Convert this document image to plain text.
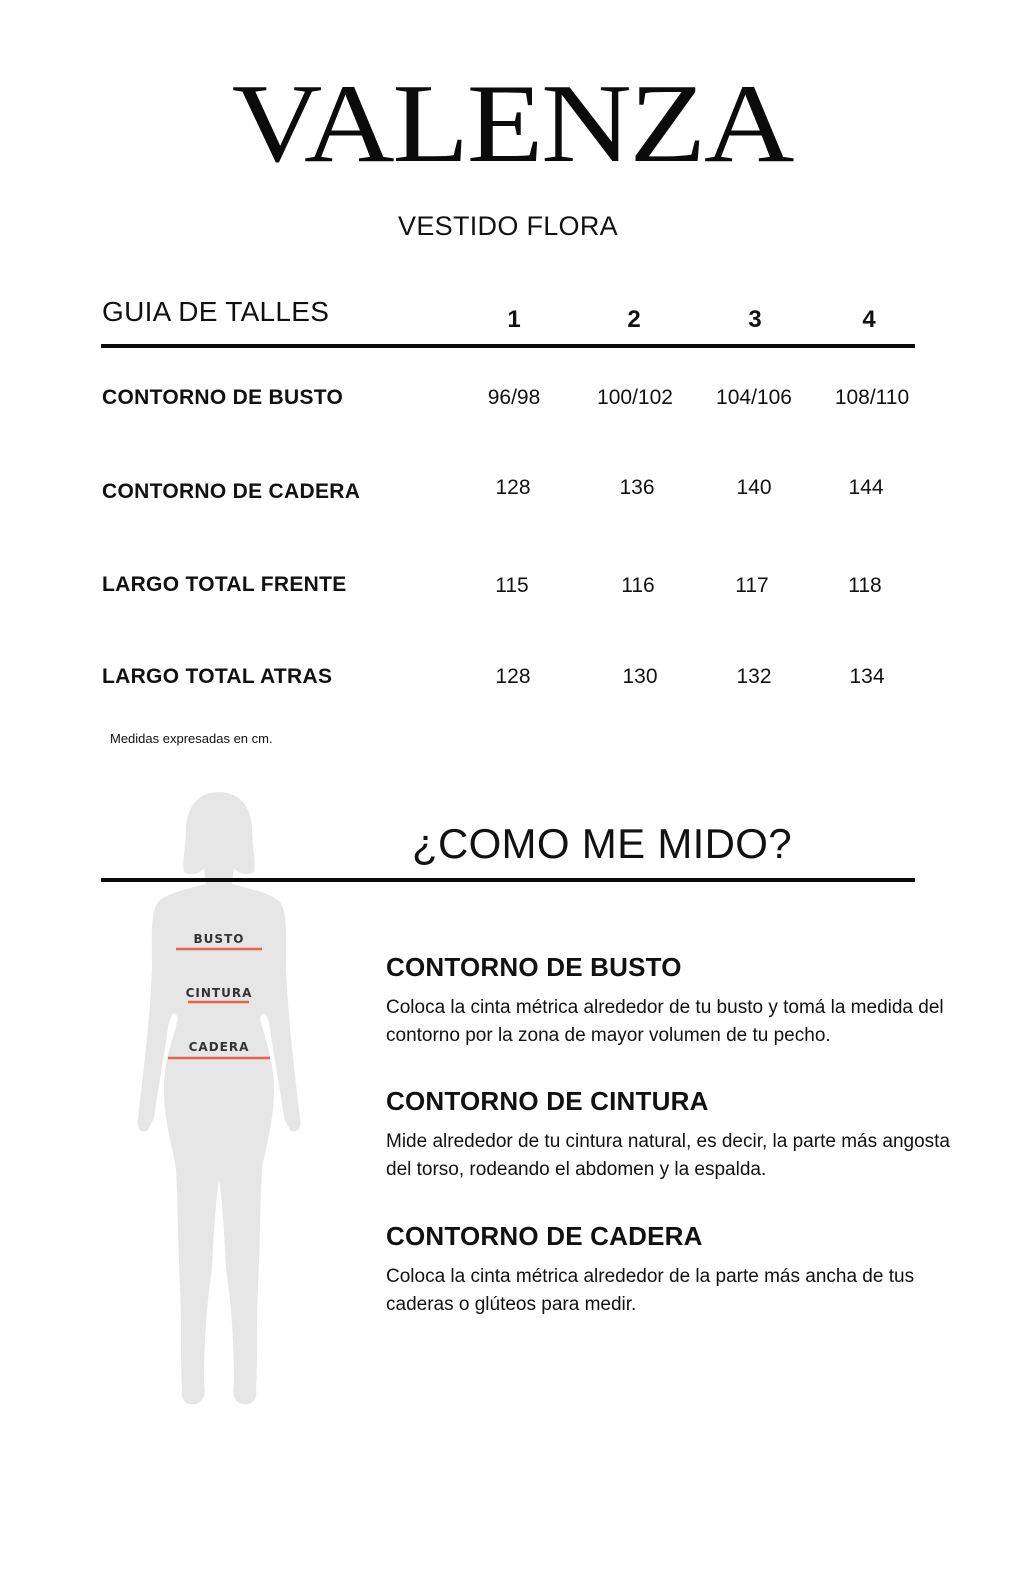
VALENZA
VESTIDO FLORA
GUIA DE TALLES	1	2	3	4
CONTORNO DE BUSTO	96/98	100/102	104/106	108/110
CONTORNO DE CADERA	128	136	140	144
LARGO TOTAL FRENTE	115	116	117	118
LARGO TOTAL ATRAS	128	130	132	134
Medidas expresadas en cm.
BUSTO
CINTURA
CADERA
¿COMO ME MIDO?
CONTORNO DE BUSTO
Coloca la cinta métrica alrededor de tu busto y tomá la medida del contorno por la zona de mayor volumen de tu pecho.
CONTORNO DE CINTURA
Mide alrededor de tu cintura natural, es decir, la parte más angosta del torso, rodeando el abdomen y la espalda.
CONTORNO DE CADERA
Coloca la cinta métrica alrededor de la parte más ancha de tus caderas o glúteos para medir.
